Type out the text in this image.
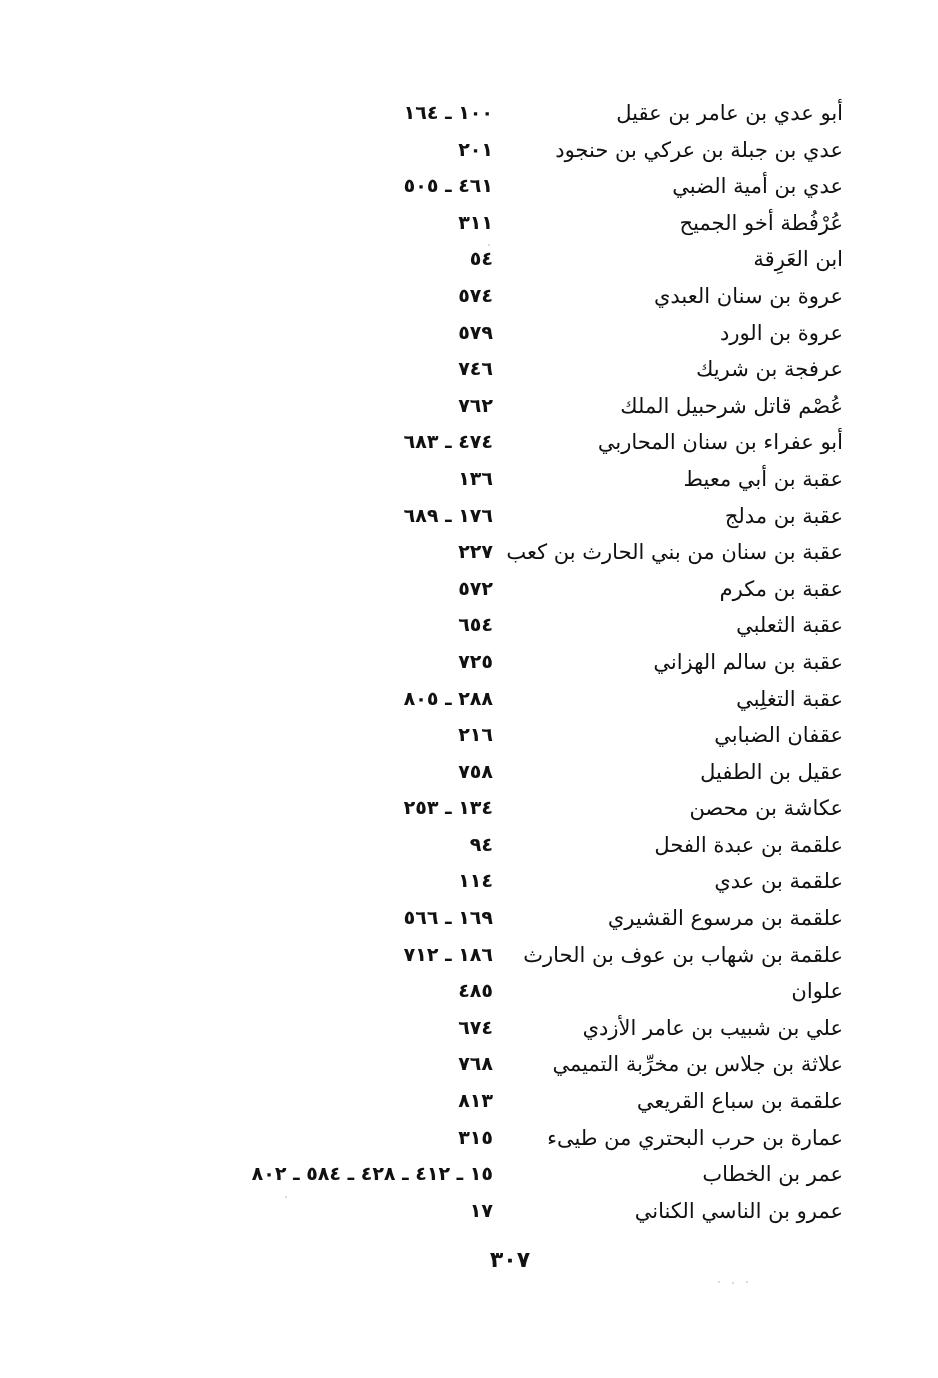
أبو عدي بن عامر بن عقيل
١٠٠ ـ ١٦٤
عدي بن جبلة بن عركي بن حنجود
٢٠١
عدي بن أمية الضبي
٤٦١ ـ ٥٠٥
عُرْفُطة أخو الجميح
٣١١
ابن العَرِقة
٥٤
عروة بن سنان العبدي
٥٧٤
عروة بن الورد
٥٧٩
عرفجة بن شريك
٧٤٦
عُصْم قاتل شرحبيل الملك
٧٦٢
أبو عفراء بن سنان المحاربي
٤٧٤ ـ ٦٨٣
عقبة بن أبي معيط
١٣٦
عقبة بن مدلج
١٧٦ ـ ٦٨٩
عقبة بن سنان من بني الحارث بن كعب
٢٢٧
عقبة بن مكرم
٥٧٢
عقبة الثعلبي
٦٥٤
عقبة بن سالم الهزاني
٧٢٥
عقبة التغلِبي
٢٨٨ ـ ٨٠٥
عقفان الضبابي
٢١٦
عقيل بن الطفيل
٧٥٨
عكاشة بن محصن
١٣٤ ـ ٢٥٣
علقمة بن عبدة الفحل
٩٤
علقمة بن عدي
١١٤
علقمة بن مرسوع القشيري
١٦٩ ـ ٥٦٦
علقمة بن شهاب بن عوف بن الحارث
١٨٦ ـ ٧١٢
علوان
٤٨٥
علي بن شبيب بن عامر الأزدي
٦٧٤
علاثة بن جلاس بن مخرِّبة التميمي
٧٦٨
علقمة بن سباع القريعي
٨١٣
عمارة بن حرب البحتري من طيىء
٣١٥
عمر بن الخطاب
١٥ ـ ٤١٢ ـ ٤٢٨ ـ ٥٨٤ ـ ٨٠٢
عمرو بن الناسي الكناني
١٧
٣٠٧
